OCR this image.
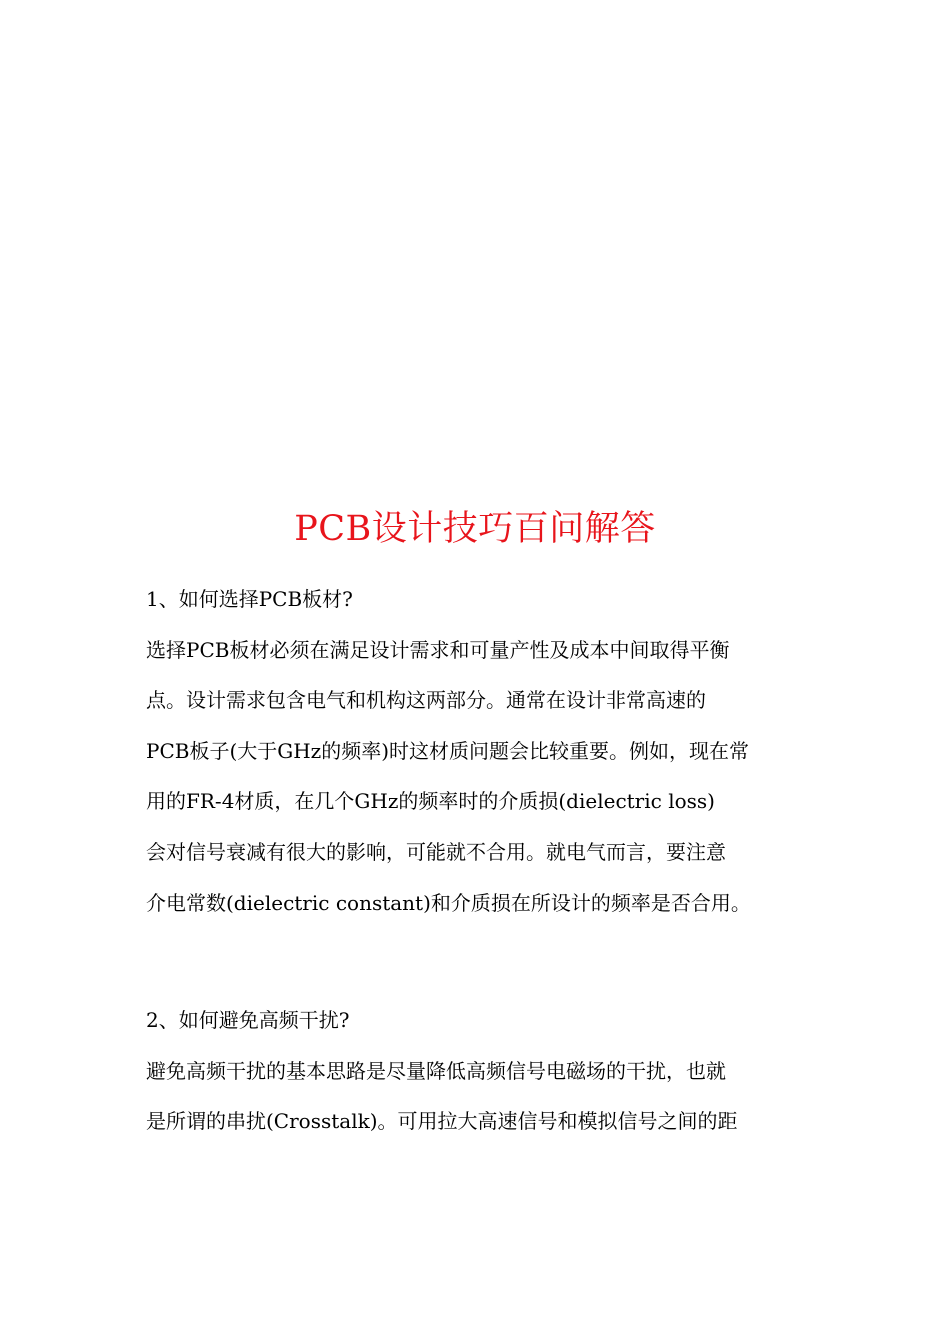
PCB设计技巧百问解答
1、如何选择PCB板材?
选择PCB板材必须在满足设计需求和可量产性及成本中间取得平衡
点。设计需求包含电气和机构这两部分。通常在设计非常高速的
PCB板子(大于GHz的频率)时这材质问题会比较重要。例如，现在常
用的FR-4材质，在几个GHz的频率时的介质损(dielectric loss)
会对信号衰减有很大的影响，可能就不合用。就电气而言，要注意
介电常数(dielectric constant)和介质损在所设计的频率是否合用。
2、如何避免高频干扰?
避免高频干扰的基本思路是尽量降低高频信号电磁场的干扰，也就
是所谓的串扰(Crosstalk)。可用拉大高速信号和模拟信号之间的距
